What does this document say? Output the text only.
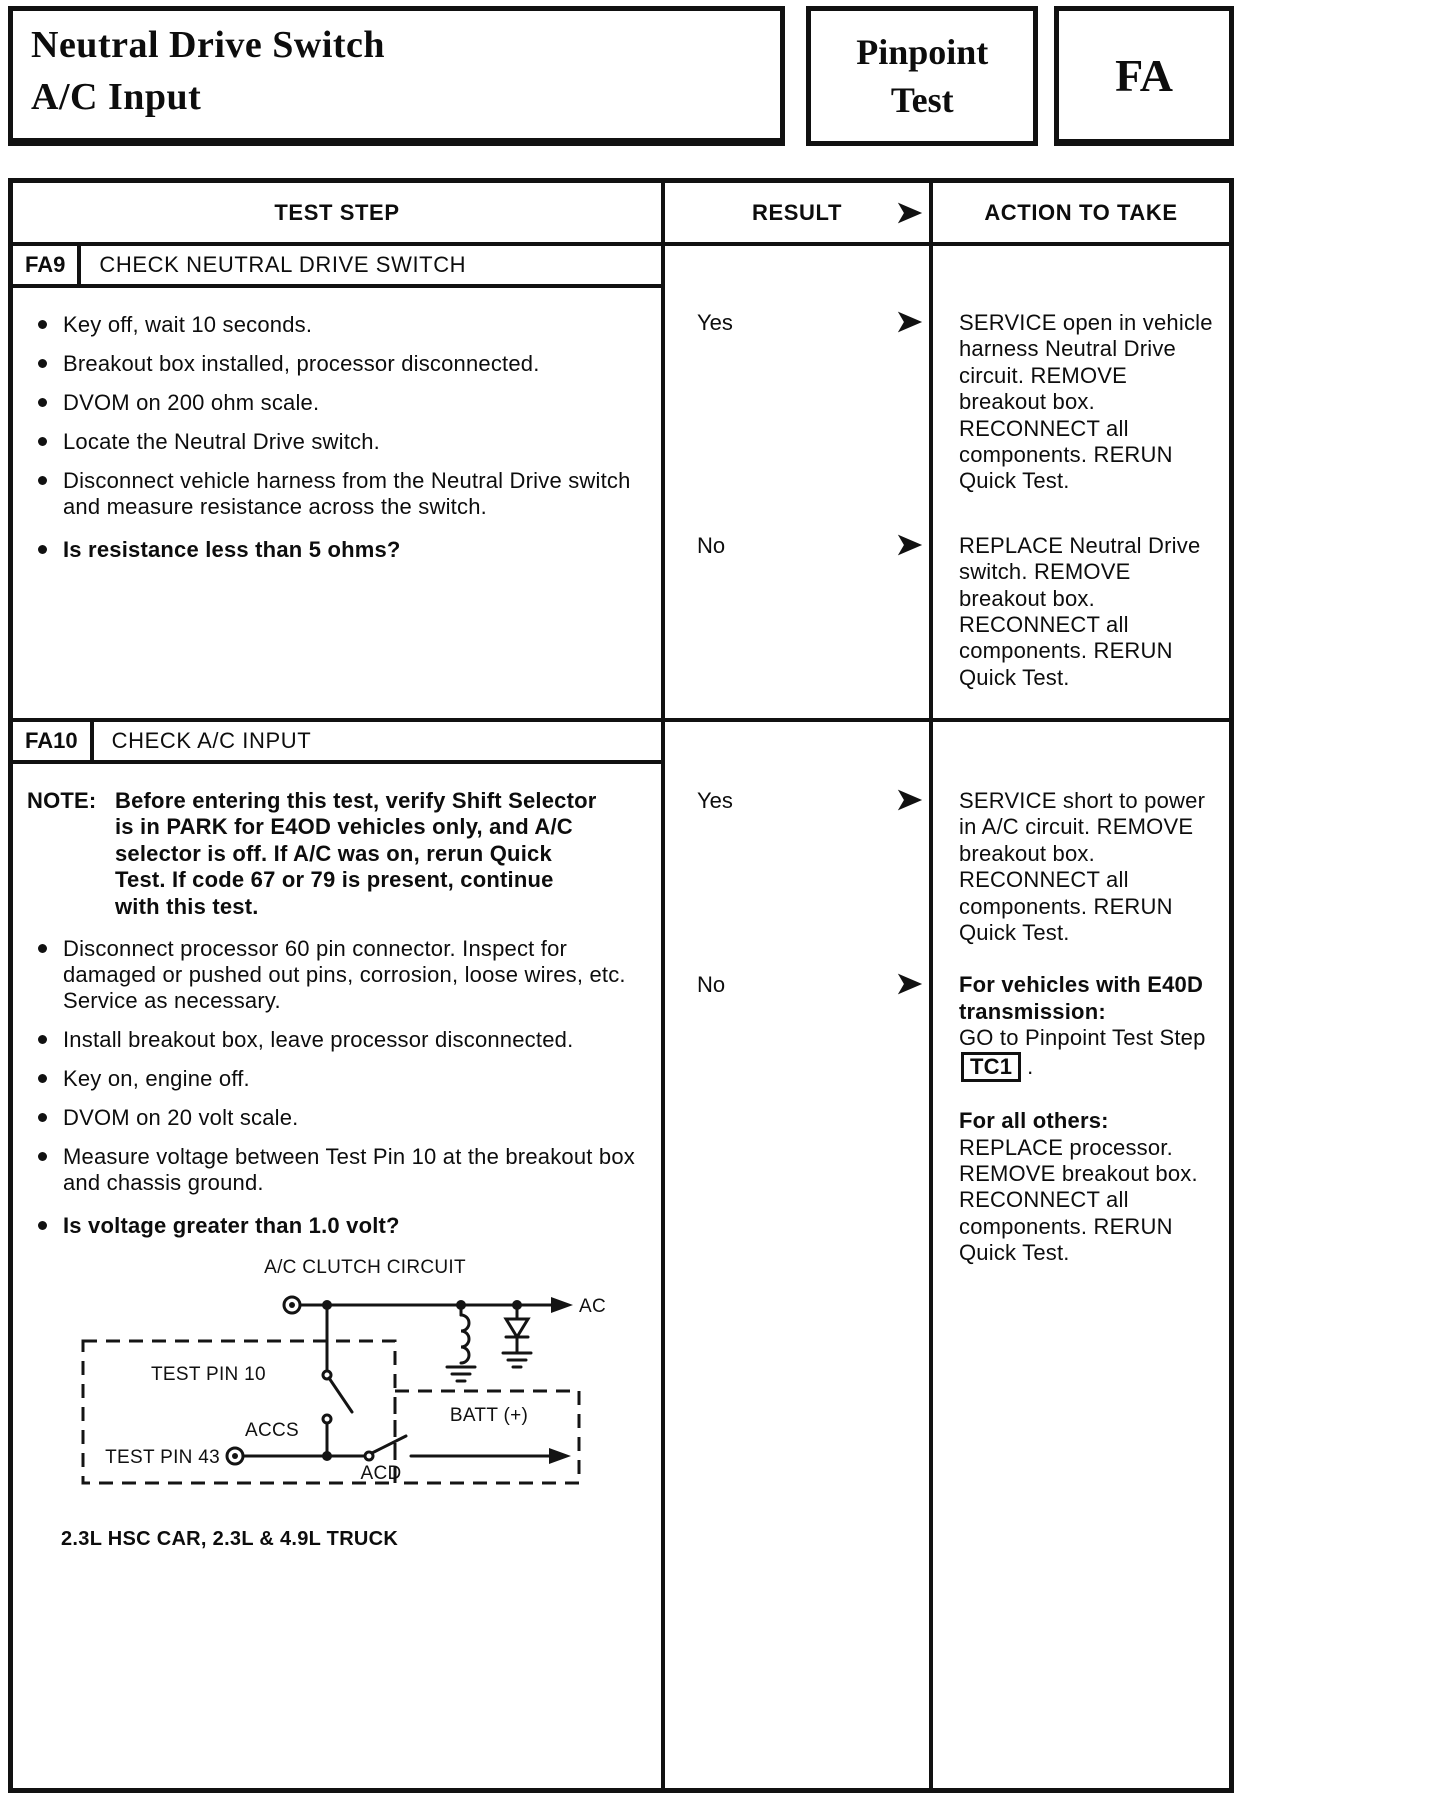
Neutral Drive Switch
A/C Input
Pinpoint
Test	FA
TEST STEP	RESULT	ACTION TO TAKE
FA9	CHECK NEUTRAL DRIVE SWITCH
Key off, wait 10 seconds.
Breakout box installed, processor disconnected.
DVOM on 200 ohm scale.
Locate the Neutral Drive switch.
Disconnect vehicle harness from the Neutral Drive switch and measure resistance across the switch.
Is resistance less than 5 ohms?
Yes	SERVICE open in vehicle harness Neutral Drive circuit. REMOVE breakout box. RECONNECT all components. RERUN Quick Test.
No	REPLACE Neutral Drive switch. REMOVE breakout box. RECONNECT all components. RERUN Quick Test.
FA10	CHECK A/C INPUT
NOTE: Before entering this test, verify Shift Selector is in PARK for E4OD vehicles only, and A/C selector is off. If A/C was on, rerun Quick Test. If code 67 or 79 is present, continue with this test.
Disconnect processor 60 pin connector. Inspect for damaged or pushed out pins, corrosion, loose wires, etc. Service as necessary.
Install breakout box, leave processor disconnected.
Key on, engine off.
DVOM on 20 volt scale.
Measure voltage between Test Pin 10 at the breakout box and chassis ground.
Is voltage greater than 1.0 volt?
A/C CLUTCH CIRCUIT
AC
TEST PIN 10
ACCS
TEST PIN 43
ACD
BATT (+)
2.3L HSC CAR, 2.3L & 4.9L TRUCK
Yes	SERVICE short to power in A/C circuit. REMOVE breakout box. RECONNECT all components. RERUN Quick Test.
No	For vehicles with E40D transmission:
GO to Pinpoint Test Step TC1 .
For all others:
REPLACE processor. REMOVE breakout box. RECONNECT all components. RERUN Quick Test.
